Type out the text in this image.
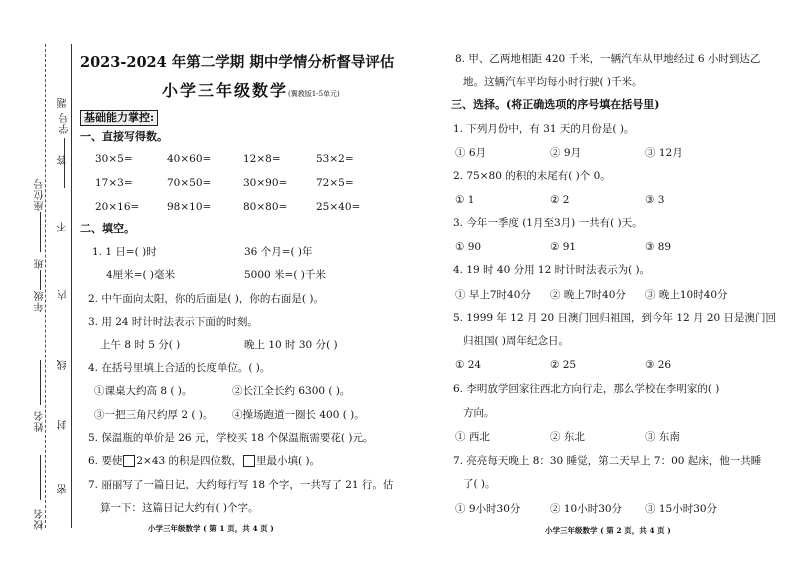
学号
座位号
年级
班
姓名
校名
题
答
不
内
线
封
密
2023-2024 年第二学期 期中学情分析督导评估
小学三年级数学(冀教版1-5单元)
基础能力掌控:
一、直接写得数。
30×5=	40×60=	12×8=	53×2=
17×3=	70×50=	30×90=	72×5=
20×16=	98×10=	80×80=	25×40=
二、填空。
1. 1 日=( )时	36 个月=( )年
4厘米=( )毫米	5000 米=( )千米
2. 中午面向太阳，你的后面是( )，你的右面是( )。
3. 用 24 时计时法表示下面的时刻。
上午 8 时 5 分( )	晚上 10 时 30 分( )
4. 在括号里填上合适的长度单位。( )。
①课桌大约高 8 ( )。	②长江全长约 6300 ( )。
③一把三角尺约厚 2 ( )。 ④操场跑道一圈长 400 ( )。
5. 保温瓶的单价是 26 元，学校买 18 个保温瓶需要花( )元。
6. 要使 2×43 的积是四位数， 里最小填( )。
7. 丽丽写了一篇日记，大约每行写 18 个字，一共写了 21 行。估
算一下：这篇日记大约有( )个字。
小学三年级数学 ( 第 1 页，共 4 页 )
8. 甲、乙两地相距 420 千米，一辆汽车从甲地经过 6 小时到达乙
地。这辆汽车平均每小时行驶( )千米。
三、选择。(将正确选项的序号填在括号里)
1. 下列月份中，有 31 天的月份是( )。
① 6月	② 9月	③ 12月
2. 75×80 的积的末尾有( )个 0。
① 1	② 2	③ 3
3. 今年一季度 (1月至3月) 一共有( )天。
① 90	② 91	③ 89
4. 19 时 40 分用 12 时计时法表示为( )。
① 早上7时40分 ② 晚上7时40分 ③ 晚上10时40分
5. 1999 年 12 月 20 日澳门回归祖国，到今年 12 月 20 日是澳门回
归祖国( )周年纪念日。
① 24	② 25	③ 26
6. 李明放学回家往西北方向行走，那么学校在李明家的( )
方向。
① 西北	② 东北	③ 东南
7. 亮亮每天晚上 8：30 睡觉，第二天早上 7：00 起床，他一共睡
了( )。
① 9小时30分	② 10小时30分 ③ 15小时30分
小学三年级数学 ( 第 2 页，共 4 页 )
